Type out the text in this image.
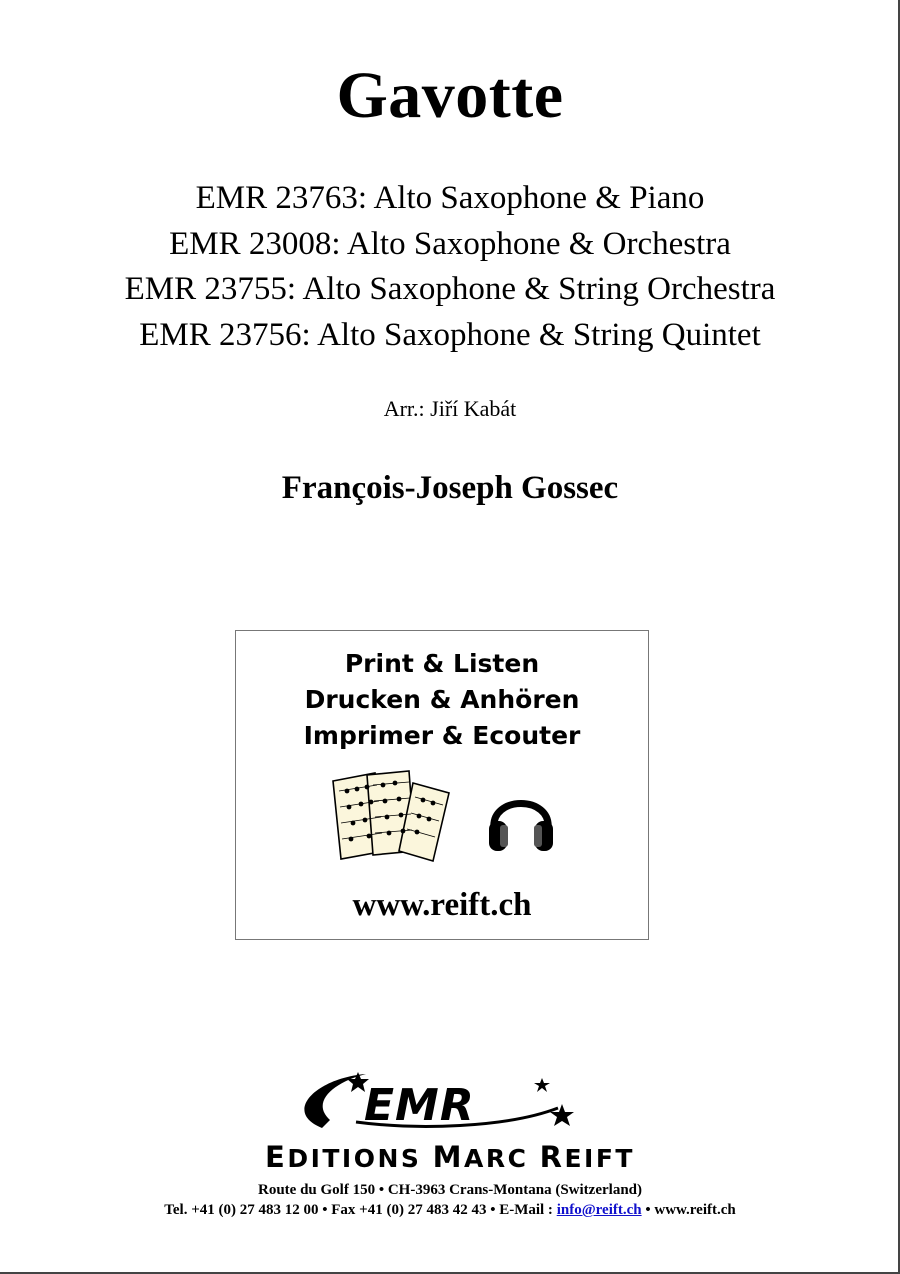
Gavotte
EMR 23763: Alto Saxophone & Piano
EMR 23008: Alto Saxophone & Orchestra
EMR 23755: Alto Saxophone & String Orchestra
EMR 23756: Alto Saxophone & String Quintet
Arr.: Jiří Kabát
François-Joseph Gossec
Print & Listen
Drucken & Anhören
Imprimer & Ecouter
www.reift.ch
EMR
EDITIONS MARC REIFT
Route du Golf 150 • CH-3963 Crans-Montana (Switzerland)
Tel. +41 (0) 27 483 12 00 • Fax +41 (0) 27 483 42 43 • E-Mail : info@reift.ch • www.reift.ch
